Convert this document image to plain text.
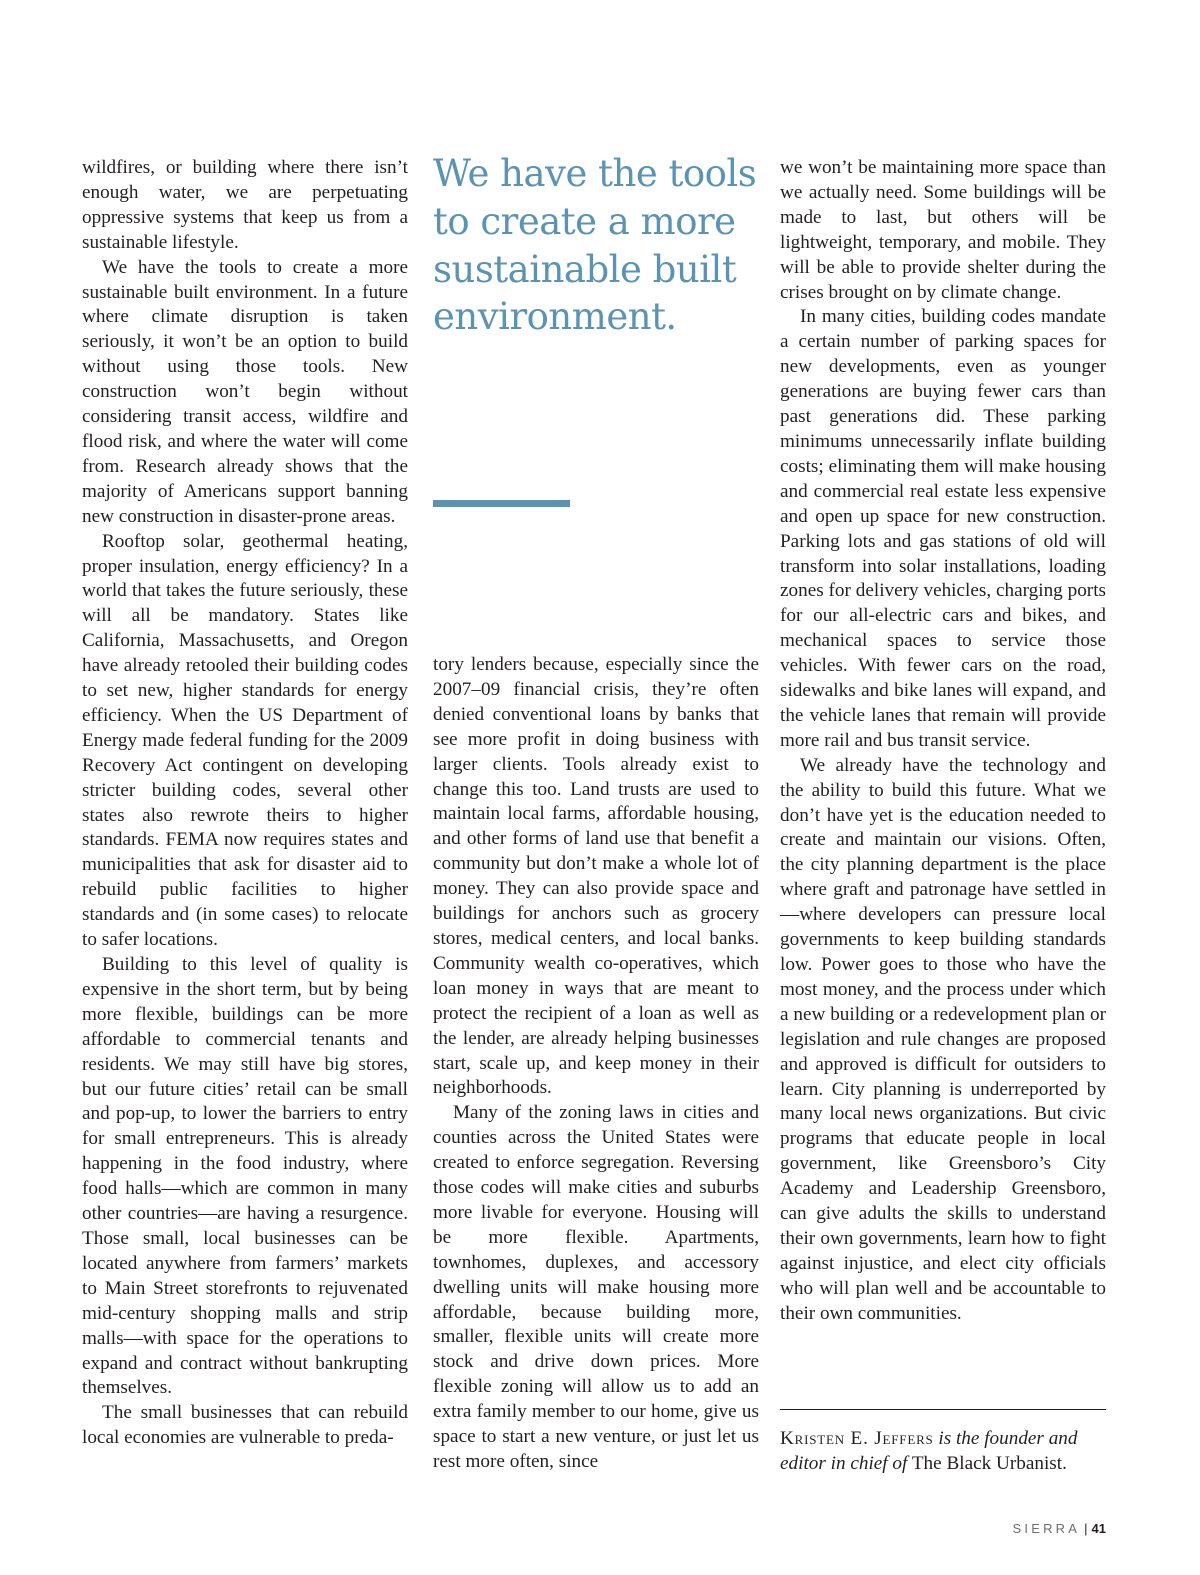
wildfires, or building where there isn’t enough water, we are perpetuating oppressive systems that keep us from a sustainable lifestyle.

We have the tools to create a more sustainable built environment. In a future where climate disruption is taken seriously, it won’t be an option to build without using those tools. New construction won’t begin without considering transit access, wildfire and flood risk, and where the water will come from. Research already shows that the majority of Americans support banning new construction in disaster-prone areas.

Rooftop solar, geothermal heating, proper insulation, energy efficiency? In a world that takes the future seriously, these will all be mandatory. States like California, Massachusetts, and Oregon have already retooled their building codes to set new, higher standards for energy efficiency. When the US Department of Energy made federal funding for the 2009 Recovery Act contingent on developing stricter building codes, several other states also rewrote theirs to higher standards. FEMA now requires states and municipalities that ask for disaster aid to rebuild public facilities to higher standards and (in some cases) to relocate to safer locations.

Building to this level of quality is expensive in the short term, but by being more flexible, buildings can be more affordable to commercial tenants and residents. We may still have big stores, but our future cities’ retail can be small and pop-up, to lower the barriers to entry for small entrepreneurs. This is already happening in the food industry, where food halls—which are common in many other countries—are having a resurgence. Those small, local businesses can be located anywhere from farmers’ markets to Main Street storefronts to rejuvenated mid-century shopping malls and strip malls—with space for the operations to expand and contract without bankrupting themselves.

The small businesses that can rebuild local economies are vulnerable to preda-

We have the tools to create a more sustainable built environment.

tory lenders because, especially since the 2007–09 financial crisis, they’re often denied conventional loans by banks that see more profit in doing business with larger clients. Tools already exist to change this too. Land trusts are used to maintain local farms, affordable housing, and other forms of land use that benefit a community but don’t make a whole lot of money. They can also provide space and buildings for anchors such as grocery stores, medical centers, and local banks. Community wealth co-operatives, which loan money in ways that are meant to protect the recipient of a loan as well as the lender, are already helping businesses start, scale up, and keep money in their neighborhoods.

Many of the zoning laws in cities and counties across the United States were created to enforce segregation. Reversing those codes will make cities and suburbs more livable for everyone. Housing will be more flexible. Apartments, townhomes, duplexes, and accessory dwelling units will make housing more affordable, because building more, smaller, flexible units will create more stock and drive down prices. More flexible zoning will allow us to add an extra family member to our home, give us space to start a new venture, or just let us rest more often, since

we won’t be maintaining more space than we actually need. Some buildings will be made to last, but others will be lightweight, temporary, and mobile. They will be able to provide shelter during the crises brought on by climate change.

In many cities, building codes mandate a certain number of parking spaces for new developments, even as younger generations are buying fewer cars than past generations did. These parking minimums unnecessarily inflate building costs; eliminating them will make housing and commercial real estate less expensive and open up space for new construction. Parking lots and gas stations of old will transform into solar installations, loading zones for delivery vehicles, charging ports for our all-electric cars and bikes, and mechanical spaces to service those vehicles. With fewer cars on the road, sidewalks and bike lanes will expand, and the vehicle lanes that remain will provide more rail and bus transit service.

We already have the technology and the ability to build this future. What we don’t have yet is the education needed to create and maintain our visions. Often, the city planning department is the place where graft and patronage have settled in—where developers can pressure local governments to keep building standards low. Power goes to those who have the most money, and the process under which a new building or a redevelopment plan or legislation and rule changes are proposed and approved is difficult for outsiders to learn. City planning is underreported by many local news organizations. But civic programs that educate people in local government, like Greensboro’s City Academy and Leadership Greensboro, can give adults the skills to understand their own governments, learn how to fight against injustice, and elect city officials who will plan well and be accountable to their own communities.

Kristen E. Jeffers is the founder and editor in chief of The Black Urbanist.
SIERRA | 41
